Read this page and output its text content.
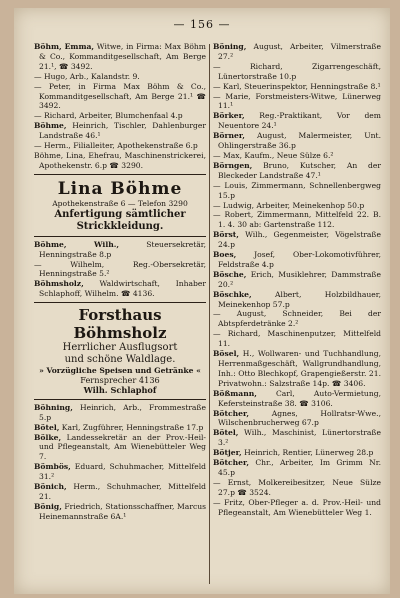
— 156 —
Böhm, Emma, Witwe, in Firma: Max Böhm & Co., Kommanditgesellschaft, Am Berge 21.¹, ☎ 3492.
— Hugo, Arb., Kalandstr. 9.
— Peter, in Firma Max Böhm & Co., Kommanditgesellschaft, Am Berge 21.¹ ☎ 3492.
— Richard, Arbeiter, Blumchenfaal 4.p
Böhme, Heinrich, Tischler, Dahlenburger Landstraße 46.¹
— Herm., Filialleiter, Apothekenstraße 6.p
Böhme, Lina, Ehefrau, Maschinenstrickerei, Apothekenstr. 6.p ☎ 3290.
Lina Böhme
Apothekenstraße 6 — Telefon 3290
Anfertigung sämtlicher
Strickkleidung.
Böhme, Wilh., Steuersekretär, Henningstraße 8.p
— Wilhelm, Reg.-Obersekretär, Henningstraße 5.²
Böhmsholz, Waldwirtschaft, Inhaber Schlaphoff, Wilhelm. ☎ 4136.
Forsthaus Böhmsholz
Herrlicher Ausflugsort
und schöne Waldlage.
» Vorzügliche Speisen und Getränke «
Fernsprecher 4136
Wilh. Schlaphof
Böhning, Heinrich, Arb., Frommestraße 5.p
Bötel, Karl, Zugführer, Henningstraße 17.p
Bölke, Landessekretär an der Prov.-Heil- und Pflegeanstalt, Am Wienebütteler Weg 7.
Bömbös, Eduard, Schuhmacher, Mittelfeld 31.²
Bönich, Herm., Schuhmacher, Mittelfeld 21.
Bönig, Friedrich, Stationsschaffner, Marcus Heinemannstraße 6A.¹
Böning, August, Arbeiter, Vilmerstraße 27.²
— Richard, Zigarrengeschäft, Lünertorstraße 10.p
— Karl, Steuerinspektor, Henningstraße 8.¹
— Marie, Forstmeisters-Witwe, Lünerweg 11.¹
Börker, Reg.-Praktikant, Vor dem Neuentore 24.¹
Börner, August, Malermeister, Unt. Ohlingerstraße 36.p
— Max, Kaufm., Neue Sülze 6.²
Börngen, Bruno, Kutscher, An der Bleckeder Landstraße 47.¹
— Louis, Zimmermann, Schnellenbergweg 15.p
— Ludwig, Arbeiter, Meinekenhop 50.p
— Robert, Zimmermann, Mittelfeld 22. B. 1. 4. 30 ab: Gartenstraße 112.
Börst, Wilh., Gegenmeister, Vögelstraße 24.p
Boes, Josef, Ober-Lokomotivführer, Feldstraße 4.p
Bösche, Erich, Musiklehrer, Dammstraße 20.²
Böschke, Albert, Holzbildhauer, Meinekenhop 57.p
— August, Schneider, Bei der Abtspferdetränke 2.²
— Richard, Maschinenputzer, Mittelfeld 11.
Bösel, H., Wollwaren- und Tuchhandlung, Herrenmaßgeschäft, Wallgrundhandlung, Inh.: Otto Blechkopf, Grapengießerstr. 21. Privatwohn.: Salzstraße 14p. ☎ 3406.
Bößmann, Carl, Auto-Vermietung, Kefersteinstraße 38. ☎ 3106.
Bötcher, Agnes, Hollratsr-Wwe., Wilschenbrucherweg 67.p
Bötel, Wilh., Maschinist, Lünertorstraße 3.²
Bötjer, Heinrich, Rentier, Lünerweg 28.p
Bötcher, Chr., Arbeiter, Im Grimm Nr. 45.p
— Ernst, Molkereibesitzer, Neue Sülze 27.p ☎ 3524.
— Fritz, Ober-Pfleger a. d. Prov.-Heil- und Pflegeanstalt, Am Wienebütteler Weg 1.
